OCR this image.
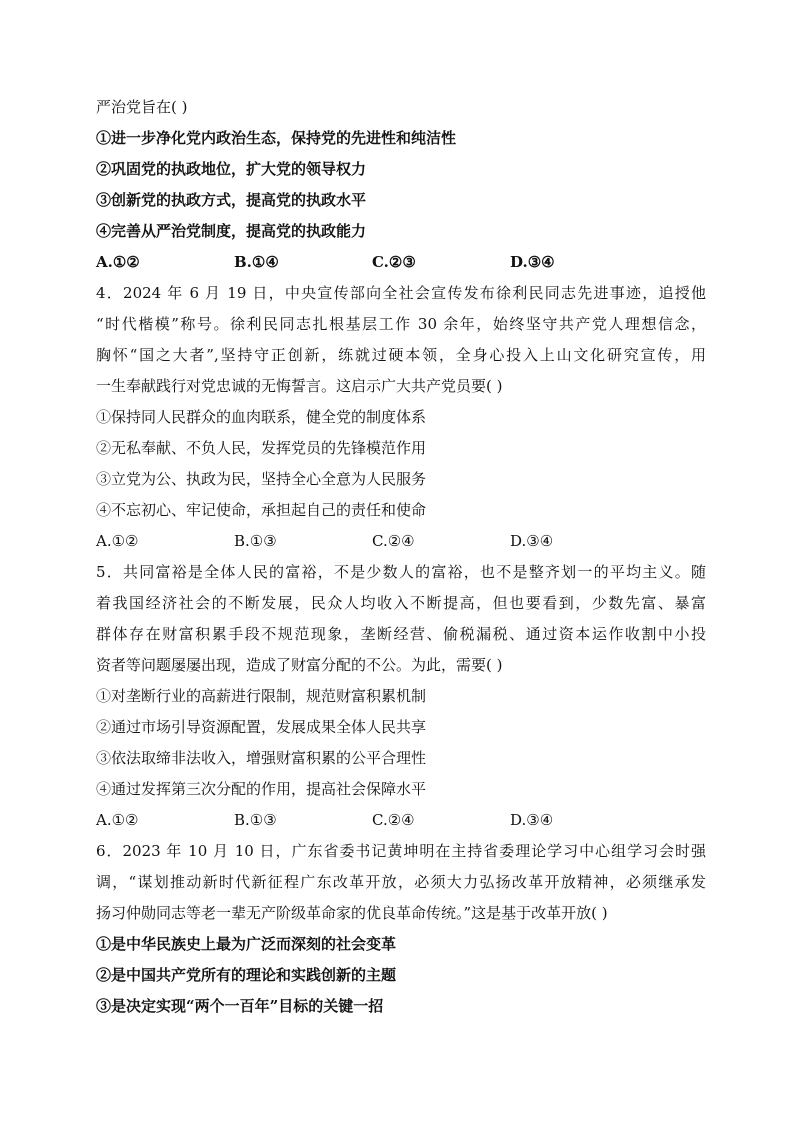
严治党旨在( )
①进一步净化党内政治生态，保持党的先进性和纯洁性
②巩固党的执政地位，扩大党的领导权力
③创新党的执政方式，提高党的执政水平
④完善从严治党制度，提高党的执政能力
A.①②	B.①④	C.②③	D.③④
4．2024 年 6 月 19 日，中央宣传部向全社会宣传发布徐利民同志先进事迹，追授他
“时代楷模”称号。徐利民同志扎根基层工作 30 余年，始终坚守共产党人理想信念，
胸怀“国之大者”,坚持守正创新，练就过硬本领，全身心投入上山文化研究宣传，用
一生奉献践行对党忠诚的无悔誓言。这启示广大共产党员要( )
①保持同人民群众的血肉联系，健全党的制度体系
②无私奉献、不负人民，发挥党员的先锋模范作用
③立党为公、执政为民，坚持全心全意为人民服务
④不忘初心、牢记使命，承担起自己的责任和使命
A.①②	B.①③	C.②④	D.③④
5．共同富裕是全体人民的富裕，不是少数人的富裕，也不是整齐划一的平均主义。随
着我国经济社会的不断发展，民众人均收入不断提高，但也要看到，少数先富、暴富
群体存在财富积累手段不规范现象，垄断经营、偷税漏税、通过资本运作收割中小投
资者等问题屡屡出现，造成了财富分配的不公。为此，需要( )
①对垄断行业的高薪进行限制，规范财富积累机制
②通过市场引导资源配置，发展成果全体人民共享
③依法取缔非法收入，增强财富积累的公平合理性
④通过发挥第三次分配的作用，提高社会保障水平
A.①②	B.①③	C.②④	D.③④
6．2023 年 10 月 10 日，广东省委书记黄坤明在主持省委理论学习中心组学习会时强
调，“谋划推动新时代新征程广东改革开放，必须大力弘扬改革开放精神，必须继承发
扬习仲勋同志等老一辈无产阶级革命家的优良革命传统。”这是基于改革开放( )
①是中华民族史上最为广泛而深刻的社会变革
②是中国共产党所有的理论和实践创新的主题
③是决定实现“两个一百年”目标的关键一招
